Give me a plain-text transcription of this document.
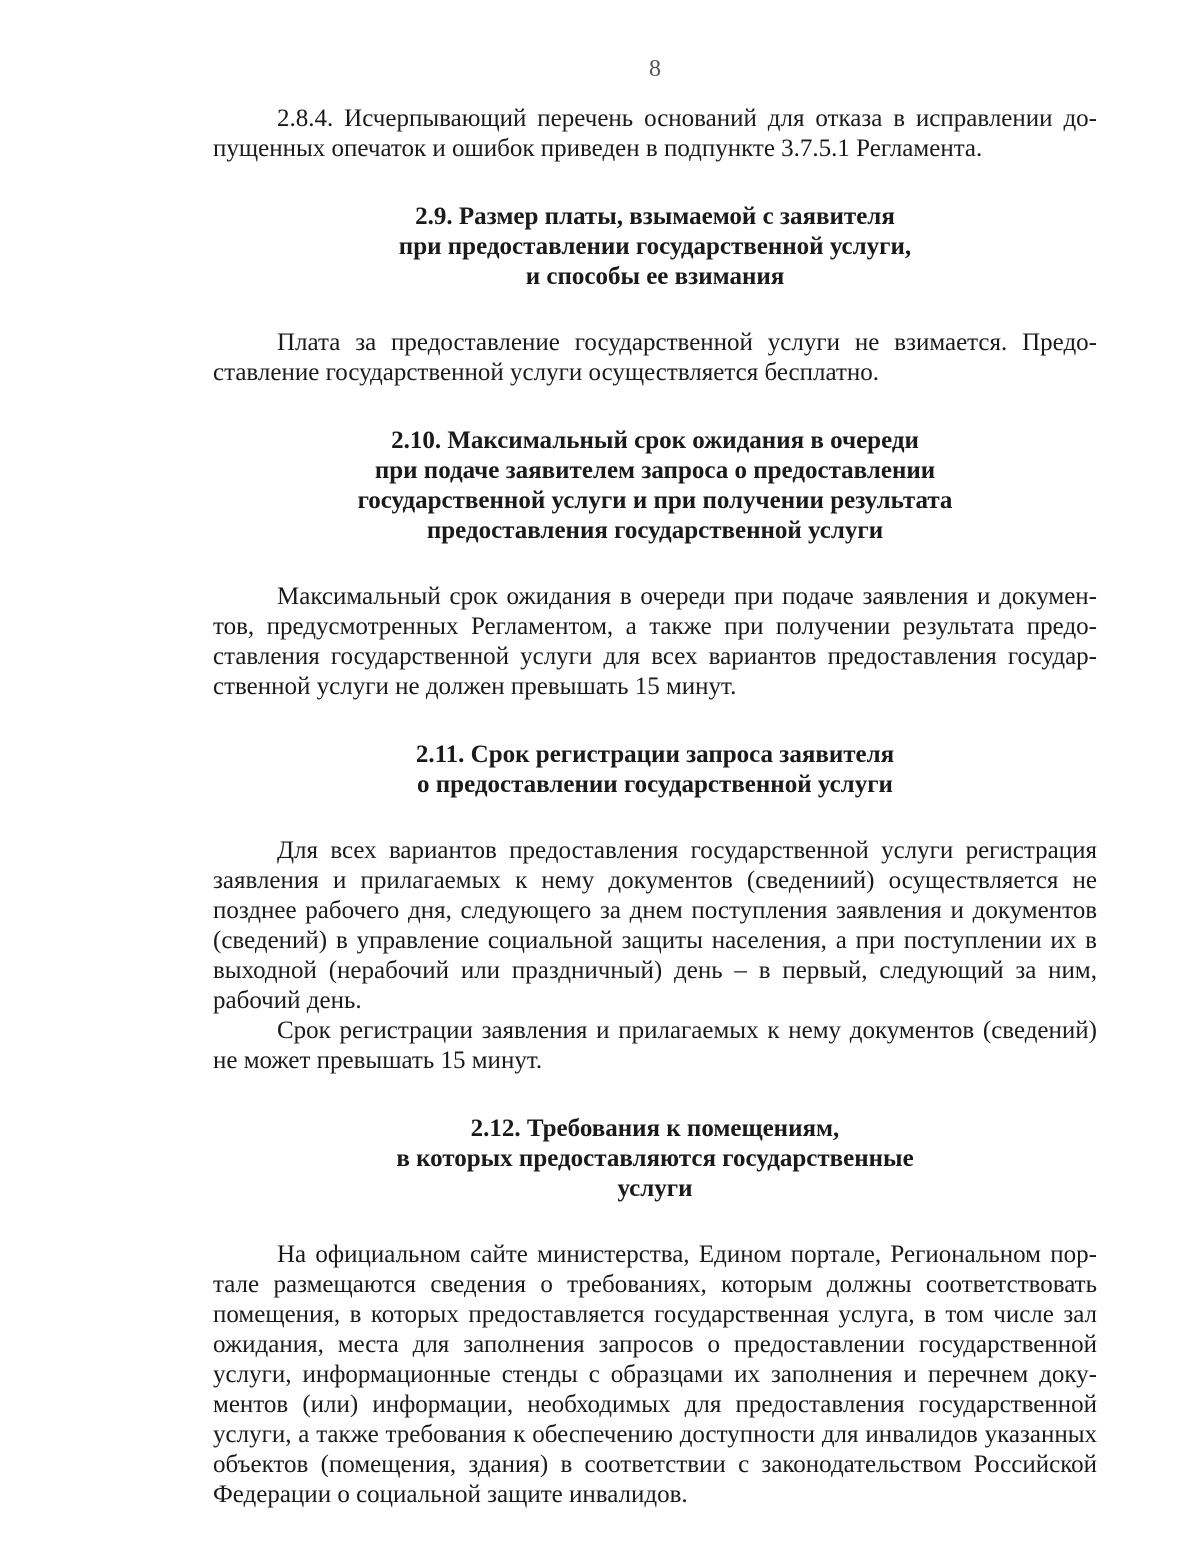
8

2.8.4. Исчерпывающий перечень оснований для отказа в исправлении допущенных опечаток и ошибок приведен в подпункте 3.7.5.1 Регламента.

2.9. Размер платы, взымаемой с заявителя
при предоставлении государственной услуги,
и способы ее взимания

Плата за предоставление государственной услуги не взимается. Предоставление государственной услуги осуществляется бесплатно.

2.10. Максимальный срок ожидания в очереди
при подаче заявителем запроса о предоставлении
государственной услуги и при получении результата
предоставления государственной услуги

Максимальный срок ожидания в очереди при подаче заявления и документов, предусмотренных Регламентом, а также при получении результата предоставления государственной услуги для всех вариантов предоставления государственной услуги не должен превышать 15 минут.

2.11. Срок регистрации запроса заявителя
о предоставлении государственной услуги

Для всех вариантов предоставления государственной услуги регистрация заявления и прилагаемых к нему документов (сведениий) осуществляется не позднее рабочего дня, следующего за днем поступления заявления и документов (сведений) в управление социальной защиты населения, а при поступлении их в выходной (нерабочий или праздничный) день – в первый, следующий за ним, рабочий день.

Срок регистрации заявления и прилагаемых к нему документов (сведений) не может превышать 15 минут.

2.12. Требования к помещениям,
в которых предоставляются государственные
услуги

На официальном сайте министерства, Едином портале, Региональном портале размещаются сведения о требованиях, которым должны соответствовать помещения, в которых предоставляется государственная услуга, в том числе зал ожидания, места для заполнения запросов о предоставлении государственной услуги, информационные стенды с образцами их заполнения и перечнем документов (или) информации, необходимых для предоставления государственной услуги, а также требования к обеспечению доступности для инвалидов указанных объектов (помещения, здания) в соответствии с законодательством Российской Федерации о социальной защите инвалидов.
